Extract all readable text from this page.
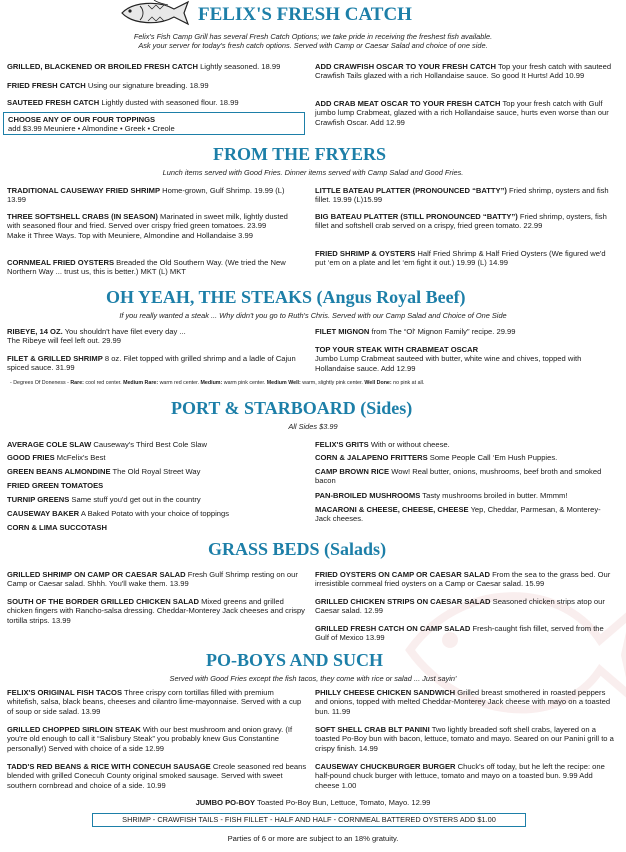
FELIX'S FRESH CATCH
Felix's Fish Camp Grill has several Fresh Catch Options; we take pride in receiving the freshest fish available.
Ask your server for today's fresh catch options. Served with Camp or Caesar Salad and choice of one side.
GRILLED, BLACKENED OR BROILED FRESH CATCH Lightly seasoned. 18.99
FRIED FRESH CATCH Using our signature breading. 18.99
SAUTEED FRESH CATCH Lightly dusted with seasoned flour. 18.99
CHOOSE ANY OF OUR FOUR TOPPINGS
add $3.99 Meuniere • Almondine • Greek • Creole
ADD CRAWFISH OSCAR TO YOUR FRESH CATCH Top your fresh catch with sauteed Crawfish Tails glazed with a rich Hollandaise sauce. So good It Hurts! Add 10.99
ADD CRAB MEAT OSCAR TO YOUR FRESH CATCH Top your fresh catch with Gulf jumbo lump Crabmeat, glazed with a rich Hollandaise sauce, hurts even worse than our Crawfish Oscar. Add 12.99
FROM THE FRYERS
Lunch items served with Good Fries. Dinner items served with Camp Salad and Good Fries.
TRADITIONAL CAUSEWAY FRIED SHRIMP Home-grown, Gulf Shrimp. 19.99 (L) 13.99
THREE SOFTSHELL CRABS (IN SEASON) Marinated in sweet milk, lightly dusted with seasoned flour and fried. Served over crispy fried green tomatoes. 23.99
Make it Three Ways. Top with Meuniere, Almondine and Hollandaise 3.99
CORNMEAL FRIED OYSTERS Breaded the Old Southern Way. (We tried the New Northern Way ... trust us, this is better.) MKT (L) MKT
LITTLE BATEAU PLATTER (PRONOUNCED “BATTY”) Fried shrimp, oysters and fish fillet. 19.99 (L)15.99
BIG BATEAU PLATTER (STILL PRONOUNCED “BATTY”) Fried shrimp, oysters, fish fillet and softshell crab served on a crispy, fried green tomato. 22.99
FRIED SHRIMP & OYSTERS Half Fried Shrimp & Half Fried Oysters (We figured we'd put ‘em on a plate and let ‘em fight it out.) 19.99 (L) 14.99
OH YEAH, THE STEAKS (Angus Royal Beef)
If you really wanted a steak ... Why didn't you go to Ruth's Chris. Served with our Camp Salad and Choice of One Side
RIBEYE, 14 OZ. You shouldn't have filet every day ...
The Ribeye will feel left out. 29.99
FILET & GRILLED SHRIMP 8 oz. Filet topped with grilled shrimp and a ladle of Cajun spiced sauce. 31.99
FILET MIGNON from The “Ol' Mignon Family” recipe. 29.99
TOP YOUR STEAK WITH CRABMEAT OSCAR
Jumbo Lump Crabmeat sauteed with butter, white wine and chives, topped with Hollandaise sauce. Add 12.99
- Degrees Of Doneness - Rare: cool red center. Medium Rare: warm red center. Medium: warm pink center. Medium Well: warm, slightly pink center. Well Done: no pink at all.
PORT & STARBOARD (Sides)
All Sides $3.99
AVERAGE COLE SLAW Causeway's Third Best Cole Slaw
GOOD FRIES McFelix's Best
GREEN BEANS ALMONDINE The Old Royal Street Way
FRIED GREEN TOMATOES
TURNIP GREENS Same stuff you'd get out in the country
CAUSEWAY BAKER A Baked Potato with your choice of toppings
CORN & LIMA SUCCOTASH
FELIX'S GRITS With or without cheese.
CORN & JALAPENO FRITTERS Some People Call ‘Em Hush Puppies.
CAMP BROWN RICE Wow! Real butter, onions, mushrooms, beef broth and smoked bacon
PAN-BROILED MUSHROOMS Tasty mushrooms broiled in butter. Mmmm!
MACARONI & CHEESE, CHEESE, CHEESE Yep, Cheddar, Parmesan, & Monterey-Jack cheeses.
GRASS BEDS (Salads)
GRILLED SHRIMP ON CAMP OR CAESAR SALAD Fresh Gulf Shrimp resting on our Camp or Caesar salad. Shhh. You'll wake them. 13.99
SOUTH OF THE BORDER GRILLED CHICKEN SALAD Mixed greens and grilled chicken fingers with Rancho-salsa dressing. Cheddar-Monterey Jack cheeses and crispy tortilla strips. 13.99
FRIED OYSTERS ON CAMP OR CAESAR SALAD From the sea to the grass bed. Our irresistible cornmeal fried oysters on a Camp or Caesar salad. 15.99
GRILLED CHICKEN STRIPS ON CAESAR SALAD Seasoned chicken strips atop our Caesar salad. 12.99
GRILLED FRESH CATCH ON CAMP SALAD Fresh-caught fish fillet, served from the Gulf of Mexico 13.99
PO-BOYS AND SUCH
Served with Good Fries except the fish tacos, they come with rice or salad ... Just sayin'
FELIX'S ORIGINAL FISH TACOS Three crispy corn tortillas filled with premium whitefish, salsa, black beans, cheeses and cilantro lime-mayonnaise. Served with a cup of soup or side salad. 13.99
GRILLED CHOPPED SIRLOIN STEAK With our best mushroom and onion gravy. (If you're old enough to call it “Salisbury Steak” you probably knew Gus Constantine personally!) Served with choice of a side 12.99
TADD'S RED BEANS & RICE WITH CONECUH SAUSAGE Creole seasoned red beans blended with grilled Conecuh County original smoked sausage. Served with sweet southern cornbread and choice of a side. 10.99
PHILLY CHEESE CHICKEN SANDWICH Grilled breast smothered in roasted peppers and onions, topped with melted Cheddar-Monterey Jack cheese with mayo on a toasted bun. 11.99
SOFT SHELL CRAB BLT PANINI Two lightly breaded soft shell crabs, layered on a toasted Po-Boy bun with bacon, lettuce, tomato and mayo. Seared on our Panini grill to a crispy finish. 14.99
CAUSEWAY CHUCKBURGER BURGER Chuck's off today, but he left the recipe: one half-pound chuck burger with lettuce, tomato and mayo on a toasted bun. 9.99 Add cheese 1.00
JUMBO PO-BOY Toasted Po-Boy Bun, Lettuce, Tomato, Mayo. 12.99
SHRIMP - CRAWFISH TAILS - FISH FILLET - HALF AND HALF - CORNMEAL BATTERED OYSTERS ADD $1.00
Parties of 6 or more are subject to an 18% gratuity.
